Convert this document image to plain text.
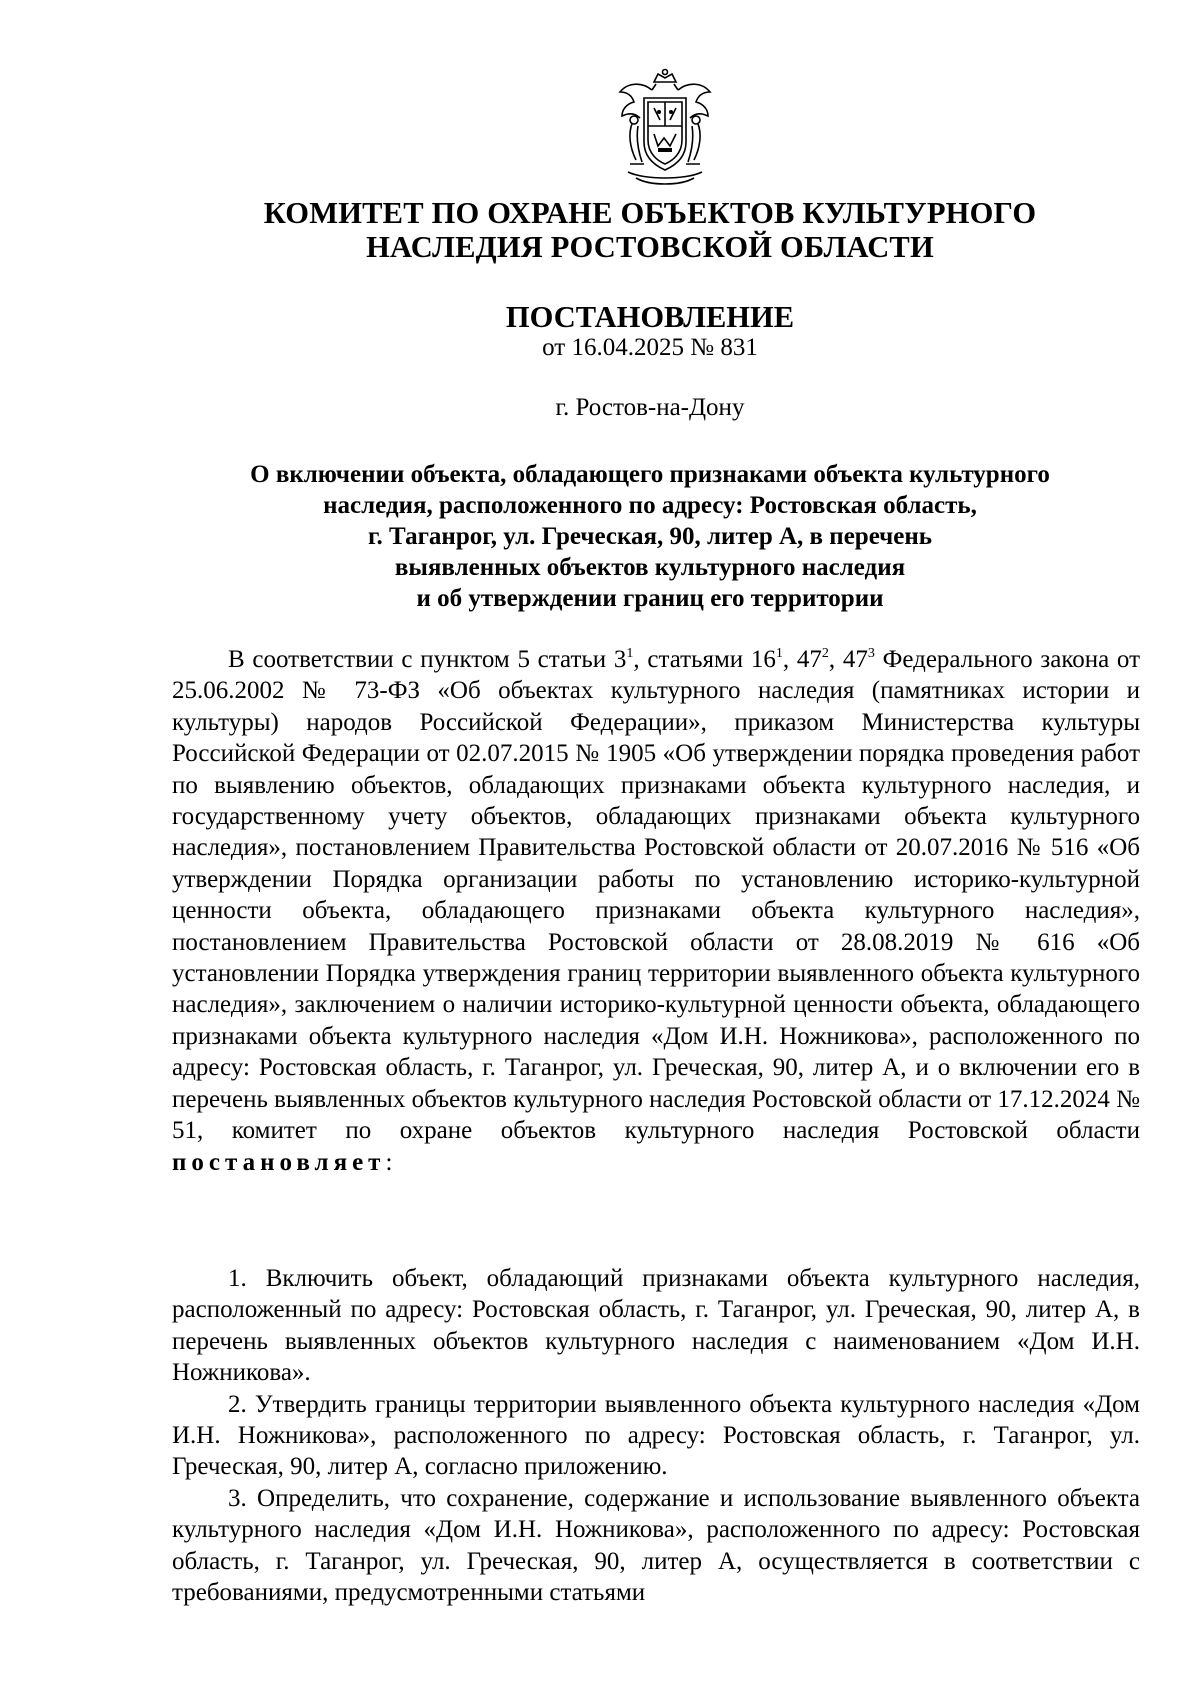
КОМИТЕТ ПО ОХРАНЕ ОБЪЕКТОВ КУЛЬТУРНОГО
НАСЛЕДИЯ РОСТОВСКОЙ ОБЛАСТИ
ПОСТАНОВЛЕНИЕ
от 16.04.2025 № 831
г. Ростов-на-Дону
О включении объекта, обладающего признаками объекта культурного
наследия, расположенного по адресу: Ростовская область,
г. Таганрог, ул. Греческая, 90, литер А, в перечень
выявленных объектов культурного наследия
и об утверждении границ его территории

В соответствии с пунктом 5 статьи $3^1$, статьями $16^1$, $47^2$, $47^3$ Федерального закона от 25.06.2002 № 73-ФЗ «Об объектах культурного наследия (памятниках истории и культуры) народов Российской Федерации», приказом Министерства культуры Российской Федерации от 02.07.2015 № 1905 «Об утверждении порядка проведения работ по выявлению объектов, обладающих признаками объекта культурного наследия, и государственному учету объектов, обладающих признаками объекта культурного наследия», постановлением Правительства Ростовской области от 20.07.2016 № 516 «Об утверждении Порядка организации работы по установлению историко-культурной ценности объекта, обладающего признаками объекта культурного наследия», постановлением Правительства Ростовской области от 28.08.2019 № 616 «Об установлении Порядка утверждения границ территории выявленного объекта культурного наследия», заключением о наличии историко-культурной ценности объекта, обладающего признаками объекта культурного наследия «Дом И.Н. Ножникова», расположенного по адресу: Ростовская область, г. Таганрог, ул. Греческая, 90, литер А, и о включении его в перечень выявленных объектов культурного наследия Ростовской области от 17.12.2024 № 51, комитет по охране объектов культурного наследия Ростовской области постановляет:

1. Включить объект, обладающий признаками объекта культурного наследия, расположенный по адресу: Ростовская область, г. Таганрог, ул. Греческая, 90, литер А, в перечень выявленных объектов культурного наследия с наименованием «Дом И.Н. Ножникова».

2. Утвердить границы территории выявленного объекта культурного наследия «Дом И.Н. Ножникова», расположенного по адресу: Ростовская область, г. Таганрог, ул. Греческая, 90, литер А, согласно приложению.

3. Определить, что сохранение, содержание и использование выявленного объекта культурного наследия «Дом И.Н. Ножникова», расположенного по адресу: Ростовская область, г. Таганрог, ул. Греческая, 90, литер А, осуществляется в соответствии с требованиями, предусмотренными статьями
